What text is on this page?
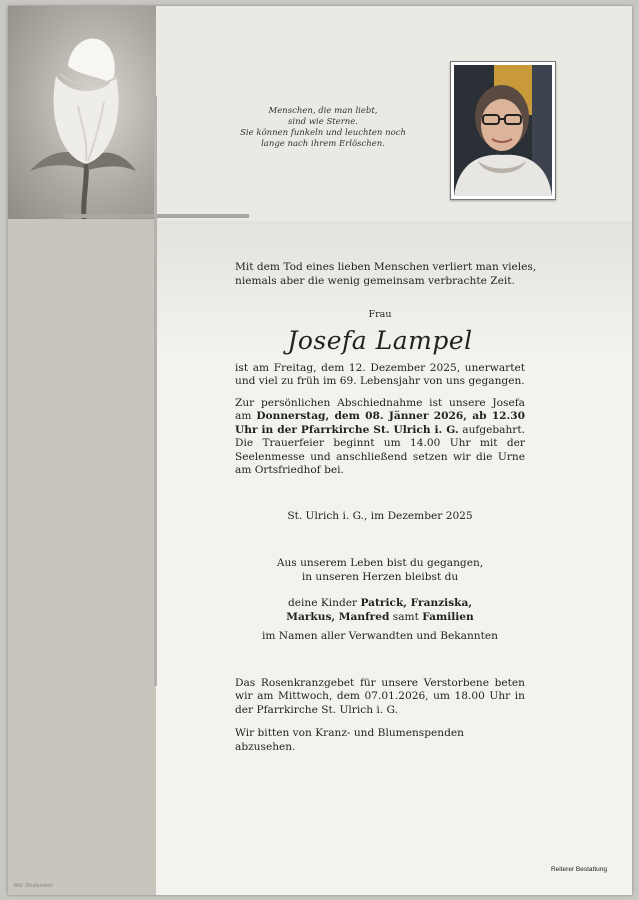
Menschen, die man liebt,
sind wie Sterne.
Sie können funkeln und leuchten noch
lange nach ihrem Erlöschen.

Mit dem Tod eines lieben Menschen verliert man vieles,
niemals aber die wenig gemeinsam verbrachte Zeit.

Frau

Josefa Lampel

ist am Freitag, dem 12. Dezember 2025, unerwartet und viel zu früh im 69. Lebensjahr von uns gegangen.

Zur persönlichen Abschiednahme ist unsere Josefa am Donnerstag, dem 08. Jänner 2026, ab 12.30 Uhr in der Pfarrkirche St. Ulrich i. G. aufgebahrt. Die Trauerfeier beginnt um 14.00 Uhr mit der Seelenmesse und anschließend setzen wir die Urne am Ortsfriedhof bei.

St. Ulrich i. G., im Dezember 2025

Aus unserem Leben bist du gegangen,
in unseren Herzen bleibst du

deine Kinder Patrick, Franziska,
Markus, Manfred samt Familien

im Namen aller Verwandten und Bekannten

Das Rosenkranzgebet für unsere Verstorbene beten wir am Mittwoch, dem 07.01.2026, um 18.00 Uhr in der Pfarrkirche St. Ulrich i. G.

Wir bitten von Kranz- und Blumenspenden abzusehen.

Reiterer Bestattung
Bild: Shutterstock
